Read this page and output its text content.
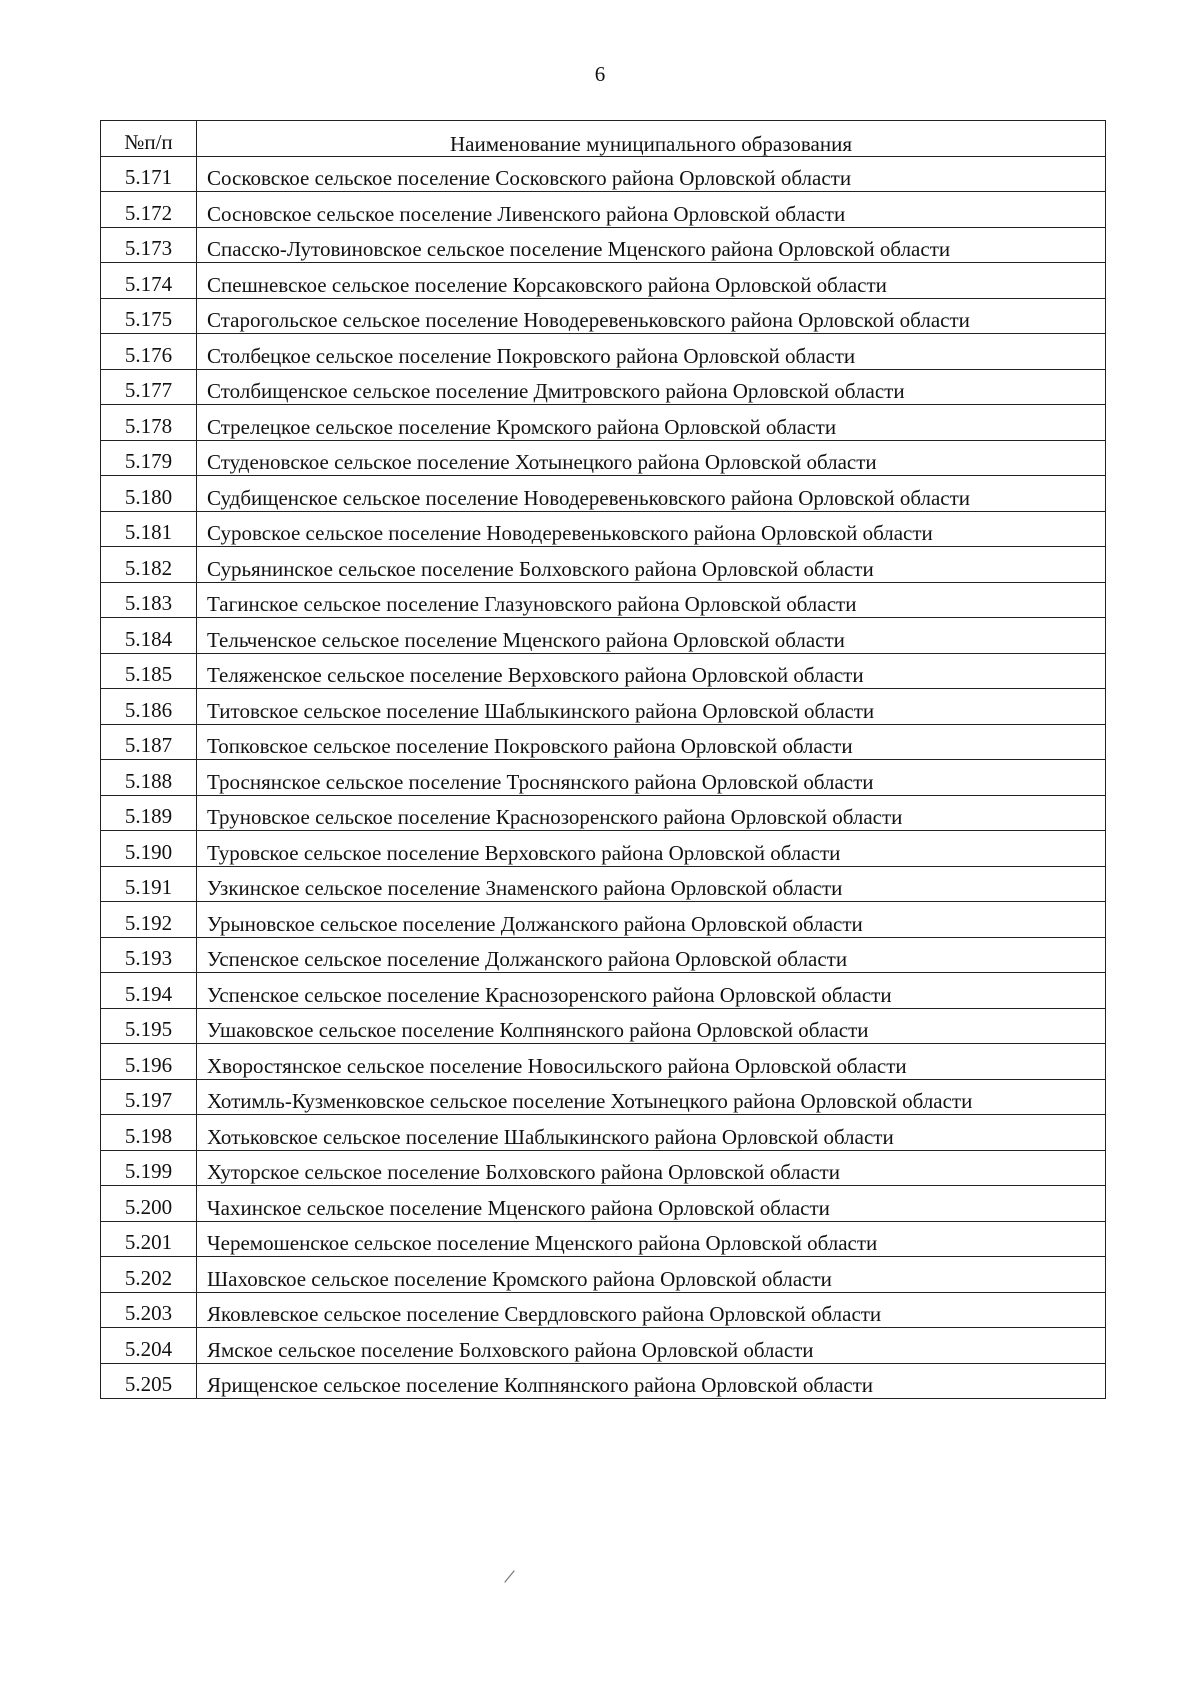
6
№п/п	Наименование муниципального образования
5.171	Сосковское сельское поселение Сосковского района Орловской области
5.172	Сосновское сельское поселение Ливенского района Орловской области
5.173	Спасско-Лутовиновское сельское поселение Мценского района Орловской области
5.174	Спешневское сельское поселение Корсаковского района Орловской области
5.175	Старогольское сельское поселение Новодеревеньковского района Орловской области
5.176	Столбецкое сельское поселение Покровского района Орловской области
5.177	Столбищенское сельское поселение Дмитровского района Орловской области
5.178	Стрелецкое сельское поселение Кромского района Орловской области
5.179	Студеновское сельское поселение Хотынецкого района Орловской области
5.180	Судбищенское сельское поселение Новодеревеньковского района Орловской области
5.181	Суровское сельское поселение Новодеревеньковского района Орловской области
5.182	Сурьянинское сельское поселение Болховского района Орловской области
5.183	Тагинское сельское поселение Глазуновского района Орловской области
5.184	Тельченское сельское поселение Мценского района Орловской области
5.185	Теляженское сельское поселение Верховского района Орловской области
5.186	Титовское сельское поселение Шаблыкинского района Орловской области
5.187	Топковское сельское поселение Покровского района Орловской области
5.188	Троснянское сельское поселение Троснянского района Орловской области
5.189	Труновское сельское поселение Краснозоренского района Орловской области
5.190	Туровское сельское поселение Верховского района Орловской области
5.191	Узкинское сельское поселение Знаменского района Орловской области
5.192	Урыновское сельское поселение Должанского района Орловской области
5.193	Успенское сельское поселение Должанского района Орловской области
5.194	Успенское сельское поселение Краснозоренского района Орловской области
5.195	Ушаковское сельское поселение Колпнянского района Орловской области
5.196	Хворостянское сельское поселение Новосильского района Орловской области
5.197	Хотимль-Кузменковское сельское поселение Хотынецкого района Орловской области
5.198	Хотьковское сельское поселение Шаблыкинского района Орловской области
5.199	Хуторское сельское поселение Болховского района Орловской области
5.200	Чахинское сельское поселение Мценского района Орловской области
5.201	Черемошенское сельское поселение Мценского района Орловской области
5.202	Шаховское сельское поселение Кромского района Орловской области
5.203	Яковлевское сельское поселение Свердловского района Орловской области
5.204	Ямское сельское поселение Болховского района Орловской области
5.205	Ярищенское сельское поселение Колпнянского района Орловской области
